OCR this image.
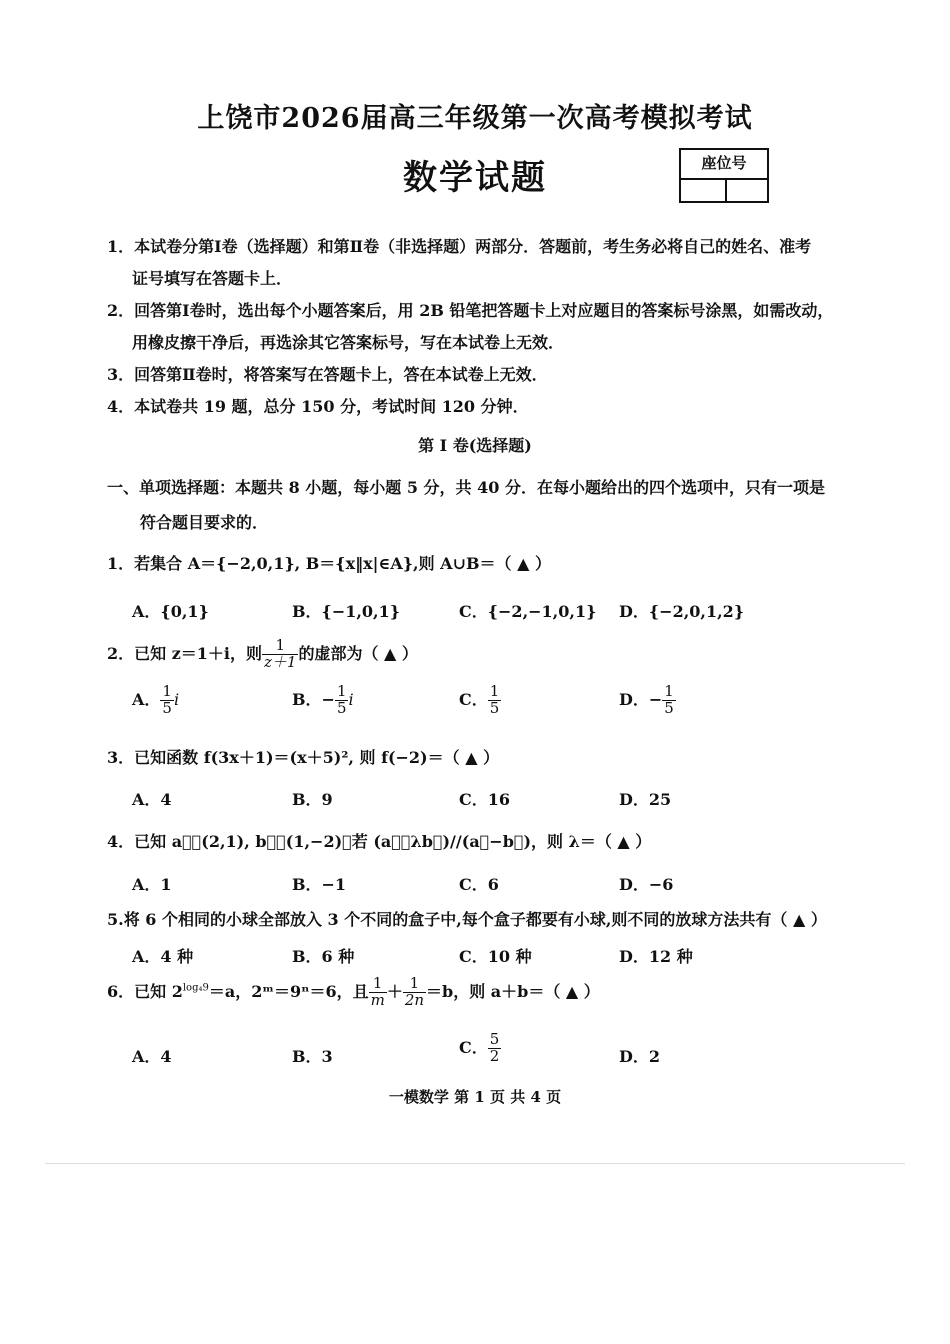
上饶市2026届高三年级第一次高考模拟考试
数学试题	座位号
1．本试卷分第Ⅰ卷（选择题）和第Ⅱ卷（非选择题）两部分．答题前，考生务必将自己的姓名、准考
证号填写在答题卡上．
2．回答第Ⅰ卷时，选出每个小题答案后，用 2B 铅笔把答题卡上对应题目的答案标号涂黑，如需改动，
用橡皮擦干净后，再选涂其它答案标号，写在本试卷上无效．
3．回答第Ⅱ卷时，将答案写在答题卡上，答在本试卷上无效．
4．本试卷共 19 题，总分 150 分，考试时间 120 分钟．
第 I 卷(选择题)
一、单项选择题：本题共 8 小题，每小题 5 分，共 40 分．在每小题给出的四个选项中，只有一项是
符合题目要求的．
1．若集合 A＝{−2,0,1}, B＝{x‖x|∈A},则 A∪B＝（ ▲ ）
A．{0,1}	B．{−1,0,1}	C．{−2,−1,0,1} D．{−2,0,1,2}
2．已知 z＝1＋i，则 $\frac{1}{z+1}$ 的虚部为（ ▲ ）
A． $\frac{1}{5}$ i	B．− $\frac{1}{5}$ i	C． $\frac{1}{5}$	D．− $\frac{1}{5}$
3．已知函数 f(3x＋1)＝(x＋5)², 则 f(−2)＝（ ▲ ）
A．4	B．9	C．16	D．25
4．已知 a⃗＝(2,1), b⃗＝(1,−2)，若 (a⃗＋λb⃗)//(a⃗−b⃗)，则 λ＝（ ▲ ）
A．1	B．−1	C．6	D．−6
5.将 6 个相同的小球全部放入 3 个不同的盒子中,每个盒子都要有小球,则不同的放球方法共有（ ▲ ）
A．4 种	B．6 种	C．10 种	D．12 种
6．已知 $2^{log_49}=a$，2ᵐ＝9ⁿ＝6，且 $\frac{1}{m} + \frac{1}{2n} =b$，则 a＋b＝（ ▲ ）
A．4	B．3	C． $\frac{5}{2}$	D．2
一模数学 第 1 页 共 4 页
